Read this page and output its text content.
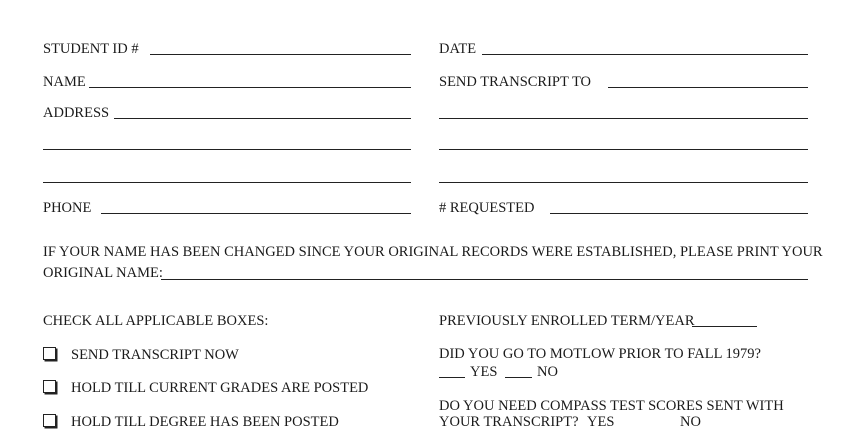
STUDENT ID #	DATE
NAME	SEND TRANSCRIPT TO
ADDRESS
PHONE	# REQUESTED
IF YOUR NAME HAS BEEN CHANGED SINCE YOUR ORIGINAL RECORDS WERE ESTABLISHED, PLEASE PRINT YOUR
ORIGINAL NAME:
CHECK ALL APPLICABLE BOXES:
SEND TRANSCRIPT NOW
HOLD TILL CURRENT GRADES ARE POSTED
HOLD TILL DEGREE HAS BEEN POSTED
PREVIOUSLY ENROLLED TERM/YEAR
DID YOU GO TO MOTLOW PRIOR TO FALL 1979?
YES	NO
DO YOU NEED COMPASS TEST SCORES SENT WITH
YOUR TRANSCRIPT? YES	NO
